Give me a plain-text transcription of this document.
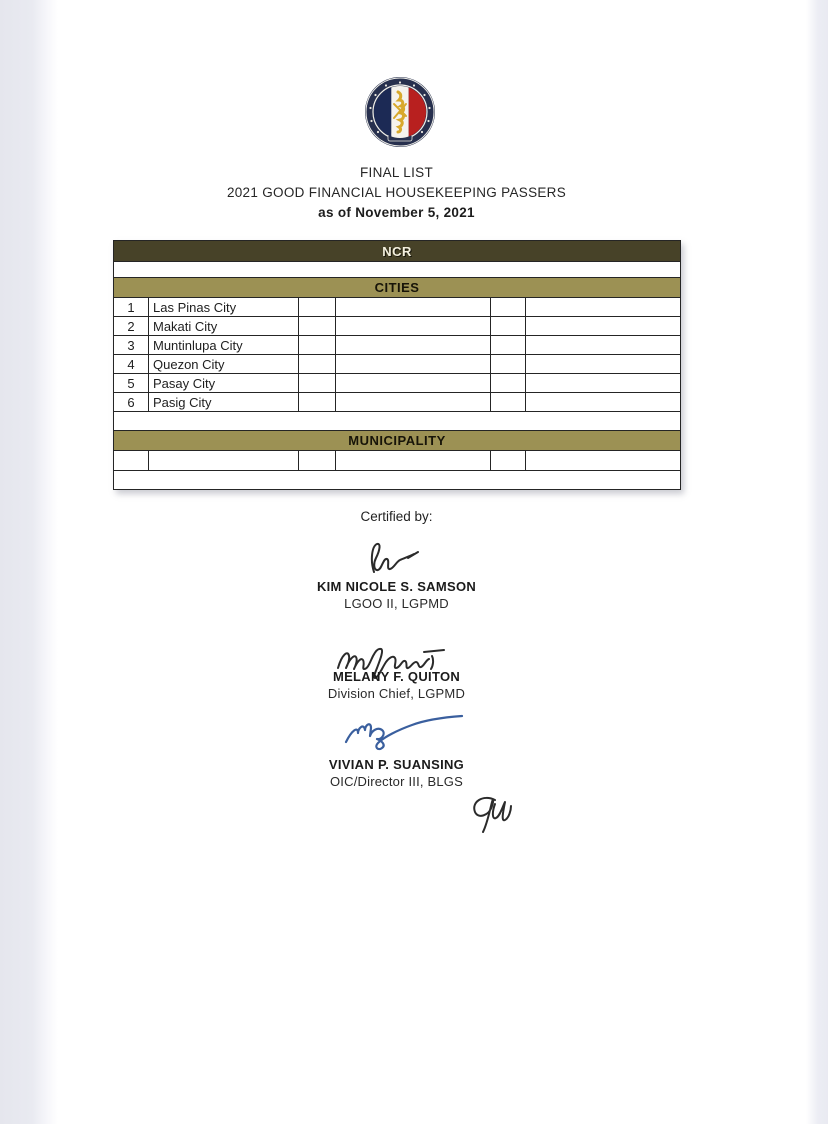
FINAL LIST
2021 GOOD FINANCIAL HOUSEKEEPING PASSERS
as of November 5, 2021
NCR					

CITIES					
1	Las Pinas City				
2	Makati City				
3	Muntinlupa City				
4	Quezon City				
5	Pasay City				
6	Pasig City				

MUNICIPALITY					

Certified by:
KIM NICOLE S. SAMSON
LGOO II, LGPMD
MELANY F. QUITON
Division Chief, LGPMD
VIVIAN P. SUANSING
OIC/Director III, BLGS
